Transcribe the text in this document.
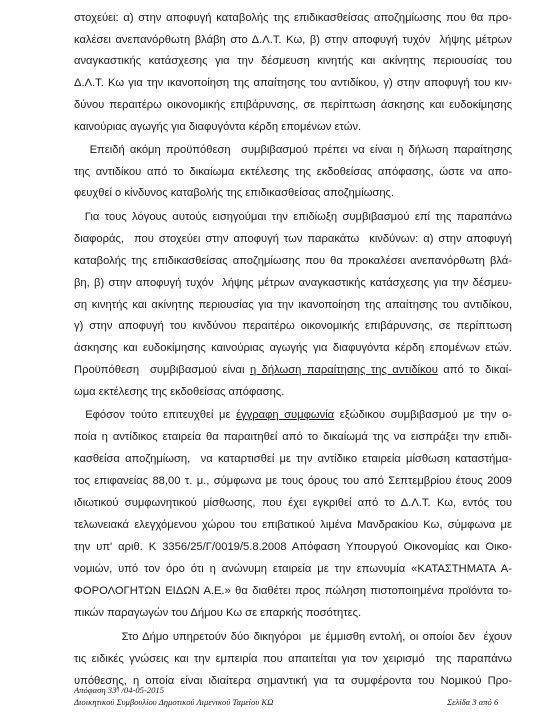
στοχεύει: α) στην αποφυγή καταβολής της επιδικασθείσας αποζημίωσης που θα προ-
καλέσει ανεπανόρθωτη βλάβη στο Δ.Λ.Τ. Κω, β) στην αποφυγή τυχόν  λήψης μέτρων
αναγκαστικής κατάσχεσης για την δέσμευση κινητής και ακίνητης περιουσίας του
Δ.Λ.Τ. Κω για την ικανοποίηση της απαίτησης του αντιδίκου, γ) στην αποφυγή του κιν-
δύνου περαιτέρω οικονομικής επιβάρυνσης, σε περίπτωση άσκησης και ευδοκίμησης
καινούριας αγωγής για διαφυγόντα κέρδη επομένων ετών.
Επειδή ακόμη προϋπόθεση  συμβιβασμού πρέπει να είναι η δήλωση παραίτησης
της αντιδίκου από το δικαίωμα εκτέλεσης της εκδοθείσας απόφασης, ώστε να απο-
φευχθεί ο κίνδυνος καταβολής της επιδικασθείσας αποζημίωσης.
Για τους λόγους αυτούς εισηγούμαι την επιδίωξη συμβιβασμού επί της παραπάνω
διαφοράς,  που στοχεύει στην αποφυγή των παρακάτω  κινδύνων: α) στην αποφυγή
καταβολής της επιδικασθείσας αποζημίωσης που θα προκαλέσει ανεπανόρθωτη βλά-
βη, β) στην αποφυγή τυχόν  λήψης μέτρων αναγκαστικής κατάσχεσης για την δέσμευ-
ση κινητής και ακίνητης περιουσίας για την ικανοποίηση της απαίτησης του αντιδίκου,
γ) στην αποφυγή του κινδύνου περαιτέρω οικονομικής επιβάρυνσης, σε περίπτωση
άσκησης και ευδοκίμησης καινούριας αγωγής για διαφυγόντα κέρδη επομένων ετών.
Προϋπόθεση  συμβιβασμού είναι η δήλωση παραίτησης της αντιδίκου από το δικαί-
ωμα εκτέλεσης της εκδοθείσας απόφασης.
Εφόσον τούτο επιτευχθεί με έγγραφη συμφωνία εξώδικου συμβιβασμού με την ο-
ποία η αντίδικος εταιρεία θα παραιτηθεί από το δικαίωμά της να εισπράξει την επιδι-
κασθείσα αποζημίωση,  να καταρτισθεί με την αντίδικο εταιρεία μίσθωση καταστήμα-
τος επιφανείας 88,00 τ. μ., σύμφωνα με τους όρους του από Σεπτεμβρίου έτους 2009
ιδιωτικού συμφωνητικού μίσθωσης, που έχει εγκριθεί από το Δ.Λ.Τ. Κω, εντός του
τελωνειακά ελεγχόμενου χώρου του επιβατικού λιμένα Μανδρακίου Κω, σύμφωνα με
την υπ' αριθ. Κ 3356/25/Γ/0019/5.8.2008 Απόφαση Υπουργού Οικονομίας και Οικο-
νομιών, υπό τον όρο ότι η ανώνυμη εταιρεία με την επωνυμία «ΚΑΤΑΣΤΗΜΑΤΑ Α-
ΦΟΡΟΛΟΓΗΤΩΝ ΕΙΔΩΝ Α.Ε.» θα διαθέτει προς πώληση πιστοποιημένα προϊόντα το-
πικών παραγωγών του Δήμου Κω σε επαρκής ποσότητες.
Στο Δήμο υπηρετούν δύο δικηγόροι  με έμμισθη εντολή, οι οποίοι δεν  έχουν
τις ειδικές γνώσεις και την εμπειρία που απαιτείται για τον χειρισμό  της παραπάνω
υπόθεσης, η οποία είναι ιδιαίτερα σημαντική για τα συμφέροντα του Νομικού Προ-
Απόφαση $33^\eta$ /04-05-2015
Διοικητικού Συμβουλίου Δημοτικού Λιμενικού Ταμείου ΚΩ	Σελίδα 3 από 6
